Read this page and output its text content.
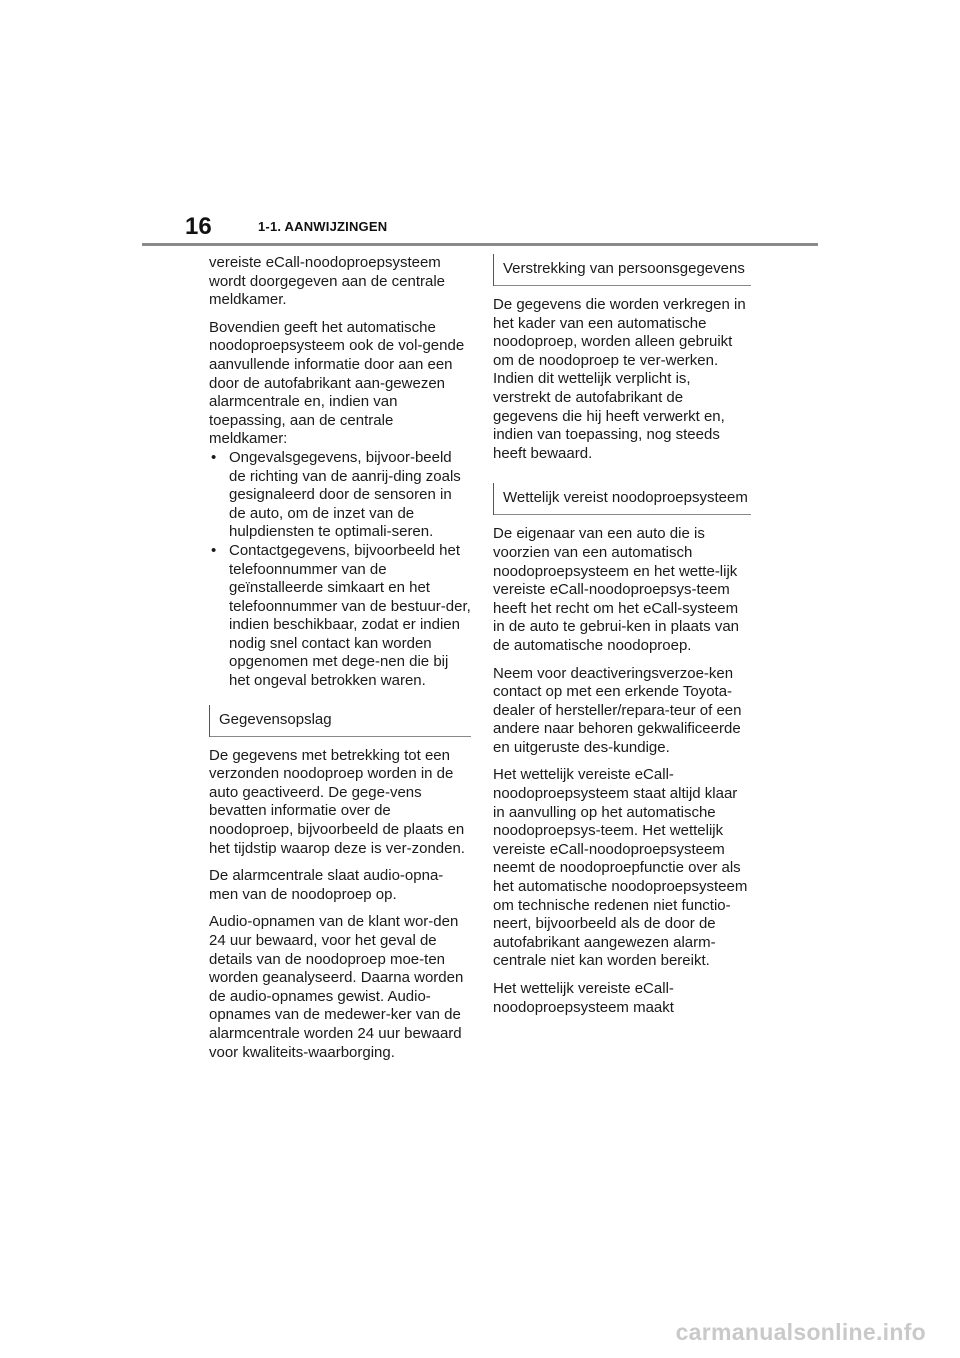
16	1-1. AANWIJZINGEN

vereiste eCall-noodoproepsysteem wordt doorgegeven aan de centrale meldkamer.

Bovendien geeft het automatische noodoproepsysteem ook de vol-gende aanvullende informatie door aan een door de autofabrikant aan-gewezen alarmcentrale en, indien van toepassing, aan de centrale meldkamer:

• Ongevalsgegevens, bijvoor-beeld de richting van de aanrij-ding zoals gesignaleerd door de sensoren in de auto, om de inzet van de hulpdiensten te optimali-seren.
• Contactgegevens, bijvoorbeeld het telefoonnummer van de geïnstalleerde simkaart en het telefoonnummer van de bestuur-der, indien beschikbaar, zodat er indien nodig snel contact kan worden opgenomen met dege-nen die bij het ongeval betrokken waren.
Gegevensopslag

De gegevens met betrekking tot een verzonden noodoproep worden in de auto geactiveerd. De gege-vens bevatten informatie over de noodoproep, bijvoorbeeld de plaats en het tijdstip waarop deze is ver-zonden.

De alarmcentrale slaat audio-opna-men van de noodoproep op.

Audio-opnamen van de klant wor-den 24 uur bewaard, voor het geval de details van de noodoproep moe-ten worden geanalyseerd. Daarna worden de audio-opnames gewist. Audio-opnames van de medewer-ker van de alarmcentrale worden 24 uur bewaard voor kwaliteits-waarborging.

Verstrekking van persoonsgegevens

De gegevens die worden verkregen in het kader van een automatische noodoproep, worden alleen gebruikt om de noodoproep te ver-werken. Indien dit wettelijk verplicht is, verstrekt de autofabrikant de gegevens die hij heeft verwerkt en, indien van toepassing, nog steeds heeft bewaard.

Wettelijk vereist noodoproepsysteem

De eigenaar van een auto die is voorzien van een automatisch noodoproepsysteem en het wette-lijk vereiste eCall-noodoproepsys-teem heeft het recht om het eCall-systeem in de auto te gebrui-ken in plaats van de automatische noodoproep.

Neem voor deactiveringsverzoe-ken contact op met een erkende Toyota-dealer of hersteller/repara-teur of een andere naar behoren gekwalificeerde en uitgeruste des-kundige.

Het wettelijk vereiste eCall-noodoproepsysteem staat altijd klaar in aanvulling op het automatische noodoproepsys-teem. Het wettelijk vereiste eCall-noodoproepsysteem neemt de noodoproepfunctie over als het automatische noodoproepsysteem om technische redenen niet functio-neert, bijvoorbeeld als de door de autofabrikant aangewezen alarm-centrale niet kan worden bereikt.

Het wettelijk vereiste eCall-noodoproepsysteem maakt

carmanualsonline.info
